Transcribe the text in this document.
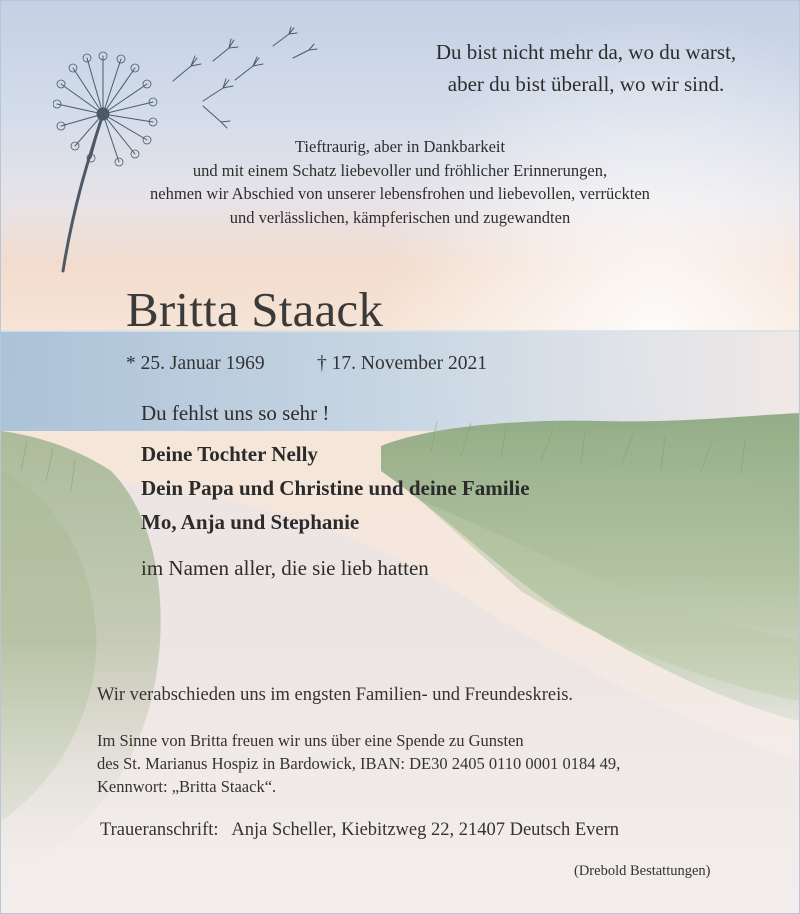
Du bist nicht mehr da, wo du warst,
aber du bist überall, wo wir sind.
Tieftraurig, aber in Dankbarkeit
und mit einem Schatz liebevoller und fröhlicher Erinnerungen,
nehmen wir Abschied von unserer lebensfrohen und liebevollen, verrückten
und verlässlichen, kämpferischen und zugewandten
Britta Staack
* 25. Januar 1969	† 17. November 2021
Du fehlst uns so sehr !
Deine Tochter Nelly
Dein Papa und Christine und deine Familie
Mo, Anja und Stephanie
im Namen aller, die sie lieb hatten
Wir verabschieden uns im engsten Familien- und Freundeskreis.
Im Sinne von Britta freuen wir uns über eine Spende zu Gunsten
des St. Marianus Hospiz in Bardowick, IBAN: DE30 2405 0110 0001 0184 49,
Kennwort: „Britta Staack“.
Traueranschrift: Anja Scheller, Kiebitzweg 22, 21407 Deutsch Evern
(Drebold Bestattungen)
